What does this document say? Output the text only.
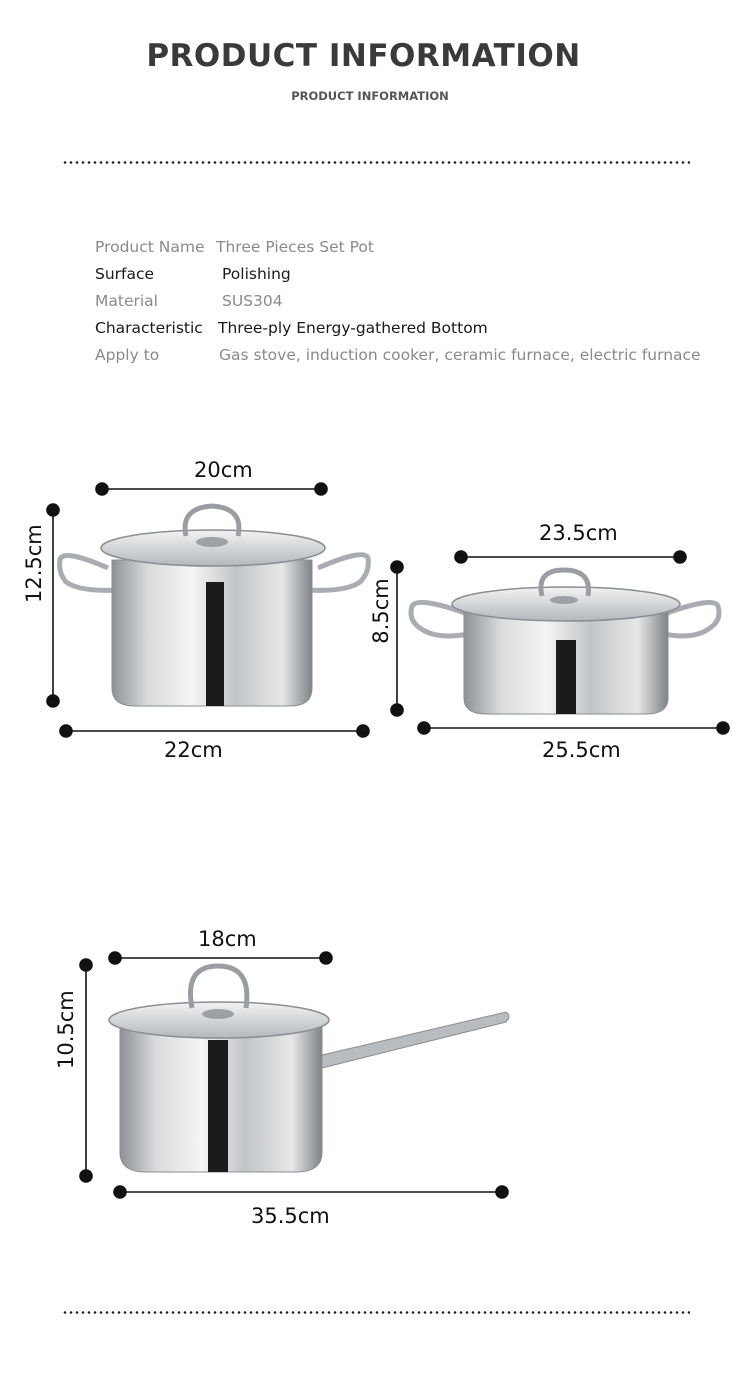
PRODUCT INFORMATION
PRODUCT INFORMATION
Product Name Three Pieces Set Pot
Surface	Polishing
Material	SUS304
Characteristic Three-ply Energy-gathered Bottom
Apply to	Gas stove, induction cooker, ceramic furnace, electric furnace
20cm
12.5cm
22cm
23.5cm
8.5cm
25.5cm
18cm
10.5cm
35.5cm
